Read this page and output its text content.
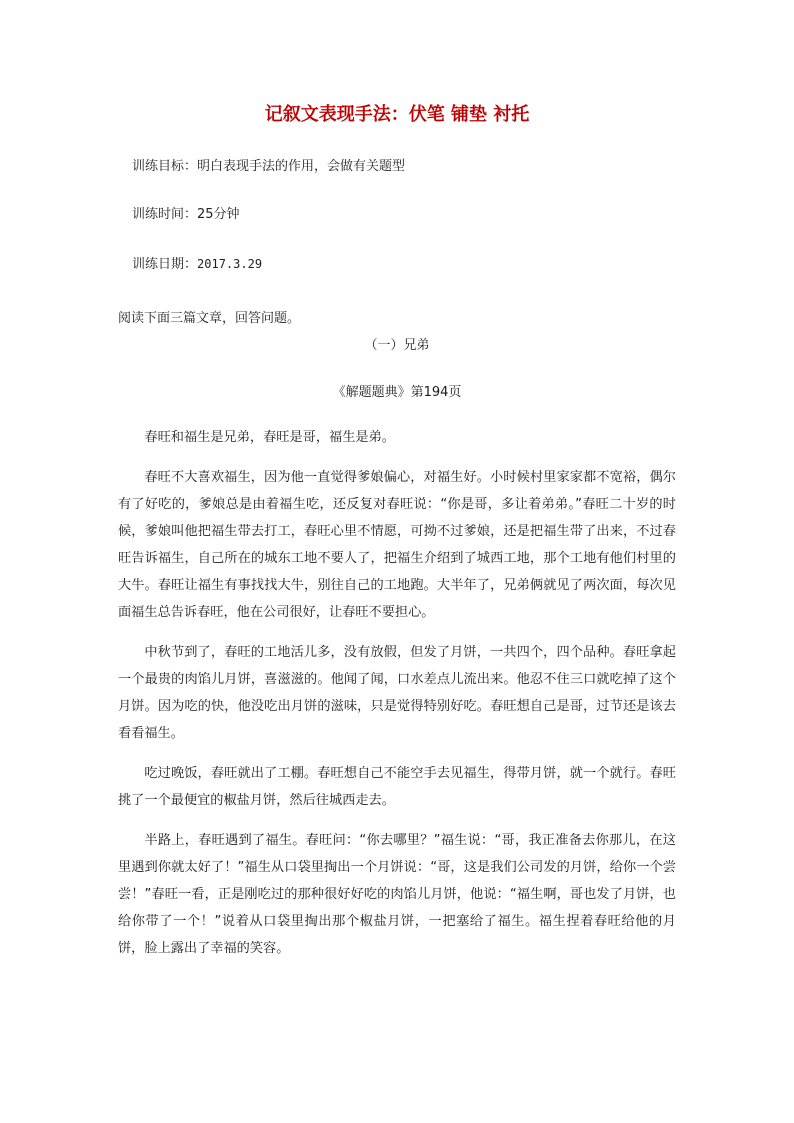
记叙文表现手法：伏笔 铺垫 衬托
训练目标：明白表现手法的作用，会做有关题型
训练时间：25分钟
训练日期：2017.3.29
阅读下面三篇文章，回答问题。
（一）兄弟
《解题题典》第194页

春旺和福生是兄弟，春旺是哥，福生是弟。

春旺不大喜欢福生，因为他一直觉得爹娘偏心，对福生好。小时候村里家家都不宽裕，偶尔有了好吃的，爹娘总是由着福生吃，还反复对春旺说：“你是哥，多让着弟弟。”春旺二十岁的时候，爹娘叫他把福生带去打工，春旺心里不情愿，可拗不过爹娘，还是把福生带了出来，不过春旺告诉福生，自己所在的城东工地不要人了，把福生介绍到了城西工地，那个工地有他们村里的大牛。春旺让福生有事找找大牛，别往自己的工地跑。大半年了，兄弟俩就见了两次面，每次见面福生总告诉春旺，他在公司很好，让春旺不要担心。

中秋节到了，春旺的工地活儿多，没有放假，但发了月饼，一共四个，四个品种。春旺拿起一个最贵的肉馅儿月饼，喜滋滋的。他闻了闻，口水差点儿流出来。他忍不住三口就吃掉了这个月饼。因为吃的快，他没吃出月饼的滋味，只是觉得特别好吃。春旺想自己是哥，过节还是该去看看福生。

吃过晚饭，春旺就出了工棚。春旺想自己不能空手去见福生，得带月饼，就一个就行。春旺挑了一个最便宜的椒盐月饼，然后往城西走去。

半路上，春旺遇到了福生。春旺问：“你去哪里？”福生说：“哥，我正准备去你那儿，在这里遇到你就太好了！”福生从口袋里掏出一个月饼说：“哥，这是我们公司发的月饼，给你一个尝尝！”春旺一看，正是刚吃过的那种很好好吃的肉馅儿月饼，他说：“福生啊，哥也发了月饼，也给你带了一个！”说着从口袋里掏出那个椒盐月饼，一把塞给了福生。福生捏着春旺给他的月饼，脸上露出了幸福的笑容。
